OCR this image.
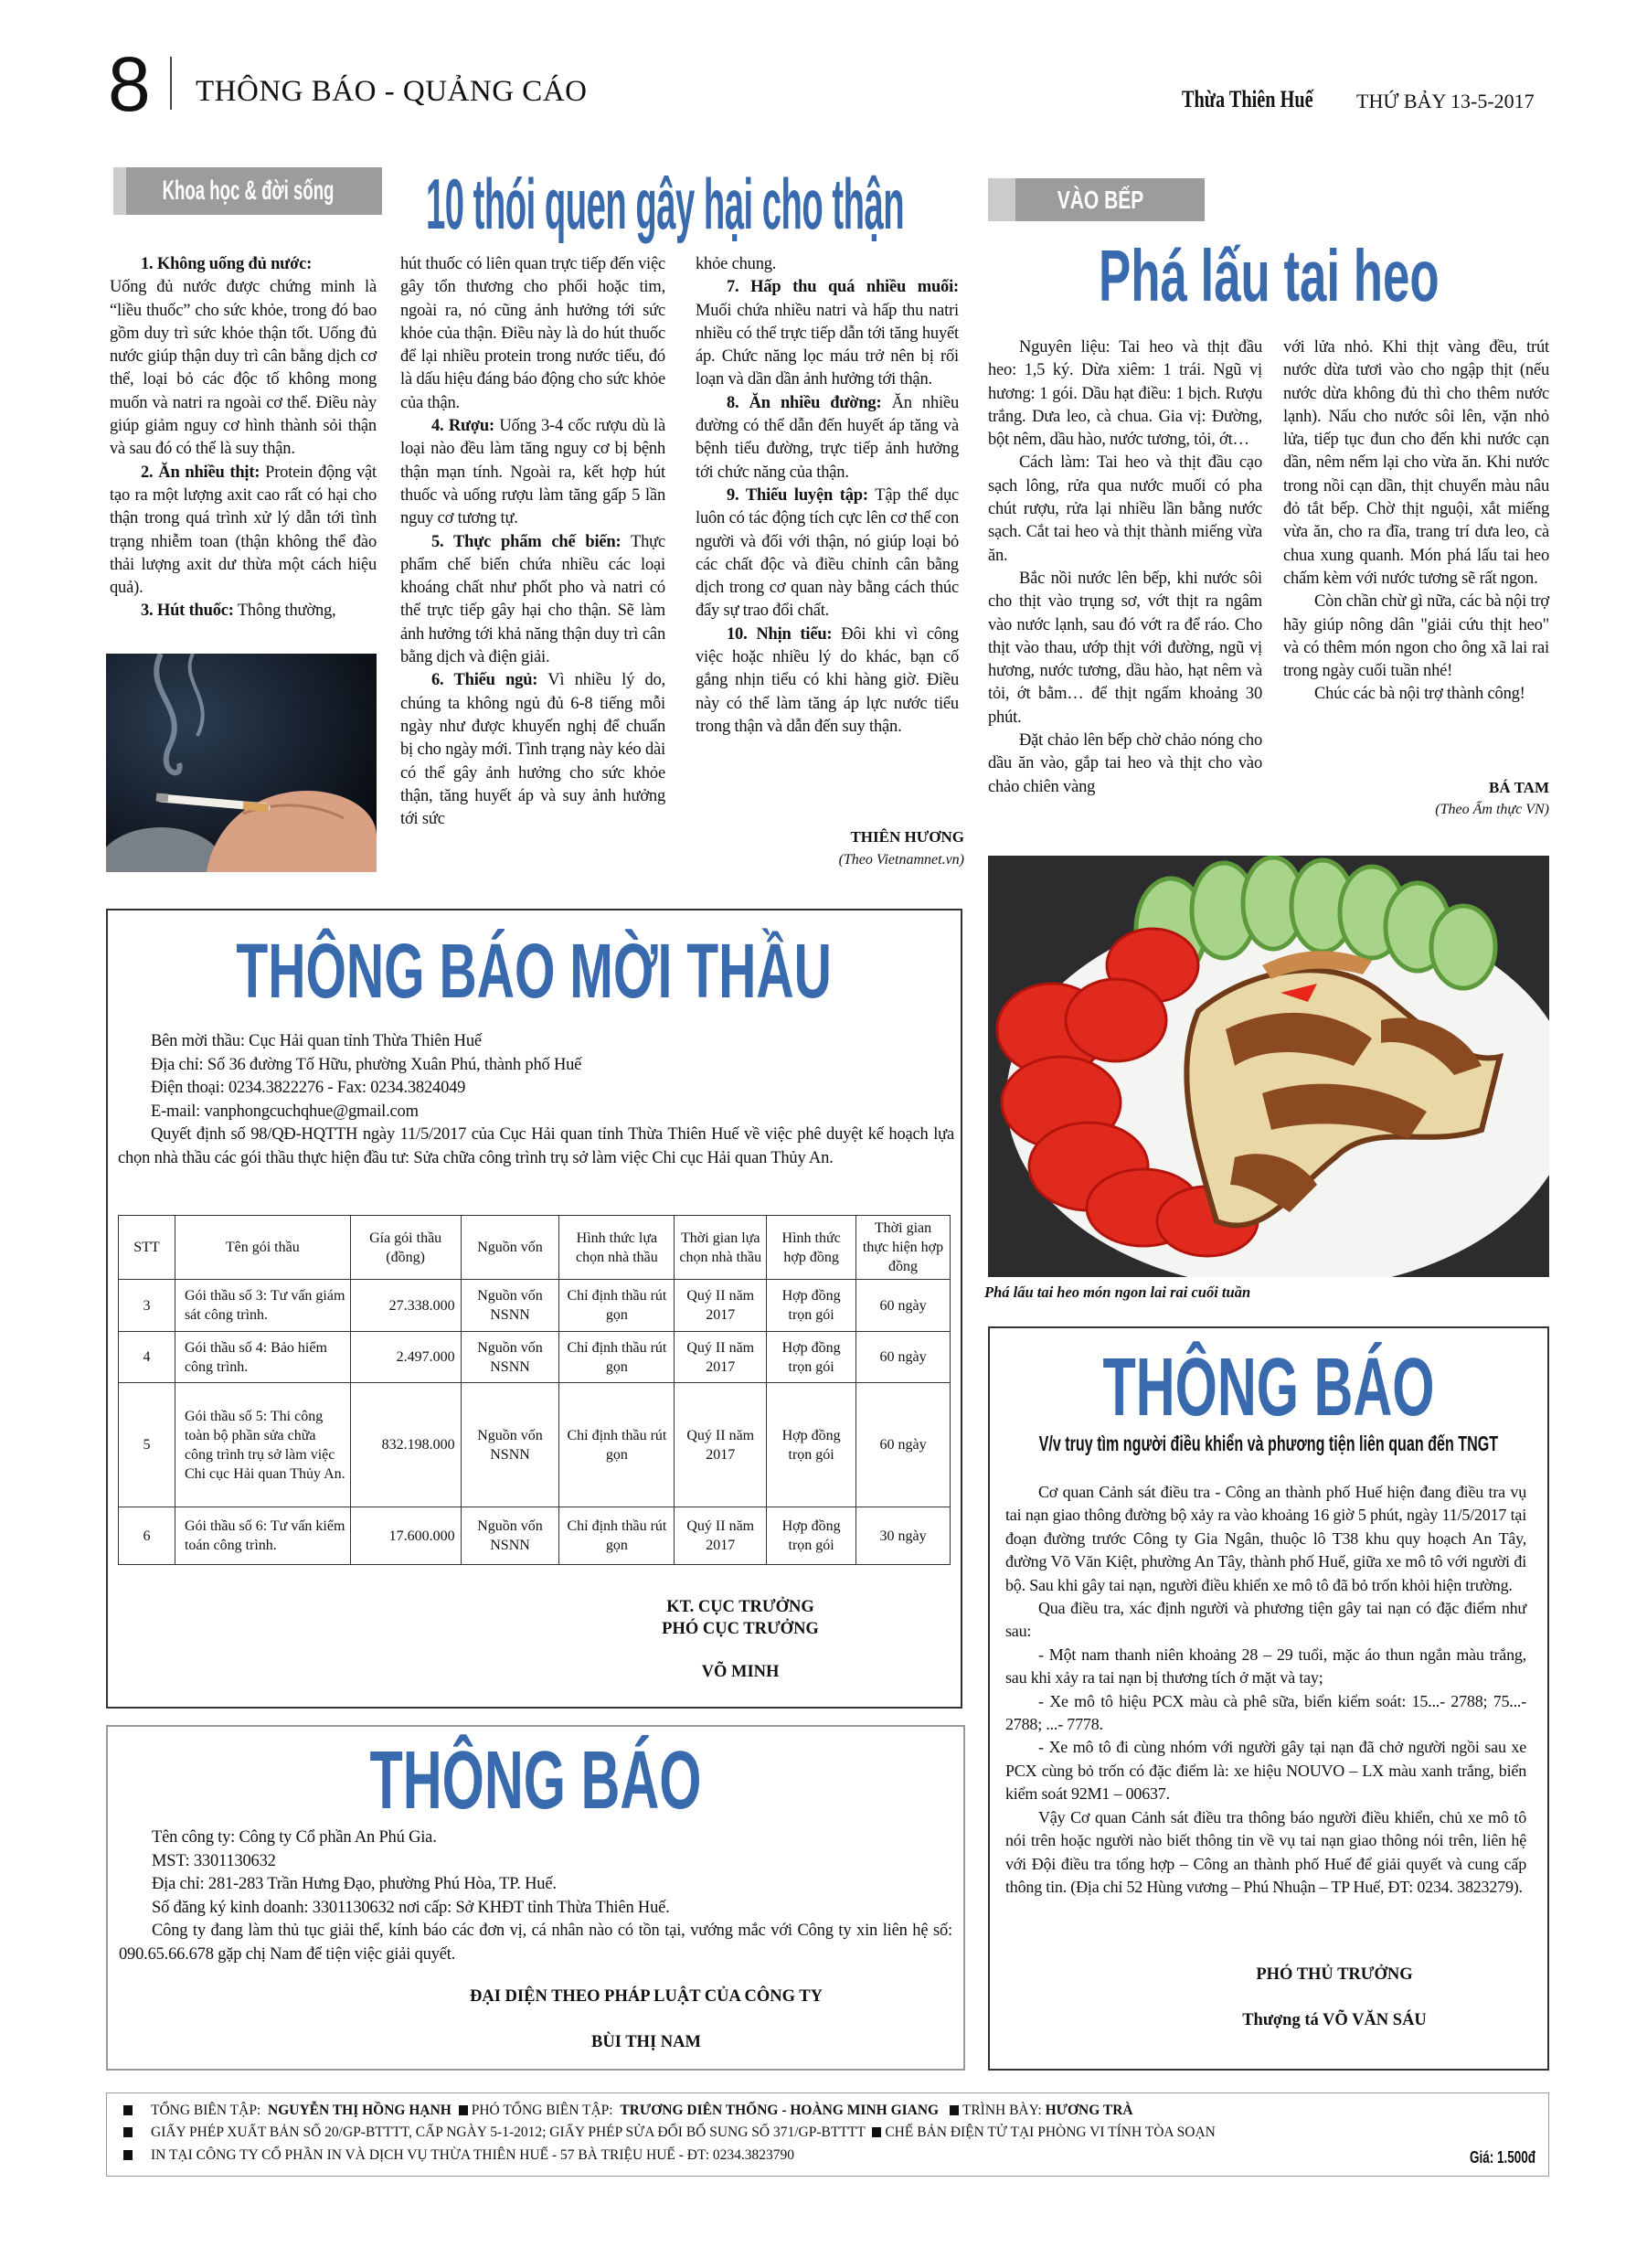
8 THÔNG BÁO - QUẢNG CÁO	Thừa Thiên Huế	THỨ BẢY 13-5-2017
Khoa học & đời sống 10 thói quen gây hại cho thận

1. Không uống đủ nước:

Uống đủ nước được chứng minh là “liều thuốc” cho sức khỏe, trong đó bao gồm duy trì sức khỏe thận tốt. Uống đủ nước giúp thận duy trì cân bằng dịch cơ thể, loại bỏ các độc tố không mong muốn và natri ra ngoài cơ thể. Điều này giúp giảm nguy cơ hình thành sỏi thận và sau đó có thể là suy thận.

2. Ăn nhiều thịt: Protein động vật tạo ra một lượng axit cao rất có hại cho thận trong quá trình xử lý dẫn tới tình trạng nhiễm toan (thận không thể đào thải lượng axit dư thừa một cách hiệu quả).

3. Hút thuốc: Thông thường,

hút thuốc có liên quan trực tiếp đến việc gây tổn thương cho phổi hoặc tim, ngoài ra, nó cũng ảnh hưởng tới sức khỏe của thận. Điều này là do hút thuốc để lại nhiều protein trong nước tiểu, đó là dấu hiệu đáng báo động cho sức khỏe của thận.

4. Rượu: Uống 3-4 cốc rượu dù là loại nào đều làm tăng nguy cơ bị bệnh thận mạn tính. Ngoài ra, kết hợp hút thuốc và uống rượu làm tăng gấp 5 lần nguy cơ tương tự.

5. Thực phẩm chế biến: Thực phẩm chế biến chứa nhiều các loại khoáng chất như phốt pho và natri có thể trực tiếp gây hại cho thận. Sẽ làm ảnh hưởng tới khả năng thận duy trì cân bằng dịch và điện giải.

6. Thiếu ngủ: Vì nhiều lý do, chúng ta không ngủ đủ 6-8 tiếng mỗi ngày như được khuyến nghị để chuẩn bị cho ngày mới. Tình trạng này kéo dài có thể gây ảnh hưởng cho sức khỏe thận, tăng huyết áp và suy ảnh hưởng tới sức

khỏe chung.

7. Hấp thu quá nhiều muối: Muối chứa nhiều natri và hấp thu natri nhiều có thể trực tiếp dẫn tới tăng huyết áp. Chức năng lọc máu trở nên bị rối loạn và dần dần ảnh hưởng tới thận.

8. Ăn nhiều đường: Ăn nhiều đường có thể dẫn đến huyết áp tăng và bệnh tiểu đường, trực tiếp ảnh hưởng tới chức năng của thận.

9. Thiếu luyện tập: Tập thể dục luôn có tác động tích cực lên cơ thể con người và đối với thận, nó giúp loại bỏ các chất độc và điều chỉnh cân bằng dịch trong cơ quan này bằng cách thúc đẩy sự trao đổi chất.

10. Nhịn tiểu: Đôi khi vì công việc hoặc nhiều lý do khác, bạn cố gắng nhịn tiểu có khi hàng giờ. Điều này có thể làm tăng áp lực nước tiểu trong thận và dẫn đến suy thận.

THIÊN HƯƠNG
(Theo Vietnamnet.vn)
VÀO BẾP
Phá lấu tai heo

Nguyên liệu: Tai heo và thịt đầu heo: 1,5 ký. Dừa xiêm: 1 trái. Ngũ vị hương: 1 gói. Dầu hạt điều: 1 bịch. Rượu trắng. Dưa leo, cà chua. Gia vị: Đường, bột nêm, dầu hào, nước tương, tỏi, ớt…

Cách làm: Tai heo và thịt đầu cạo sạch lông, rửa qua nước muối có pha chút rượu, rửa lại nhiều lần bằng nước sạch. Cắt tai heo và thịt thành miếng vừa ăn.

Bắc nồi nước lên bếp, khi nước sôi cho thịt vào trụng sơ, vớt thịt ra ngâm vào nước lạnh, sau đó vớt ra để ráo. Cho thịt vào thau, ướp thịt với đường, ngũ vị hương, nước tương, dầu hào, hạt nêm và tỏi, ớt bằm… để thịt ngấm khoảng 30 phút.

Đặt chảo lên bếp chờ chảo nóng cho dầu ăn vào, gắp tai heo và thịt cho vào chảo chiên vàng

với lửa nhỏ. Khi thịt vàng đều, trút nước dừa tươi vào cho ngập thịt (nếu nước dừa không đủ thì cho thêm nước lạnh). Nấu cho nước sôi lên, vặn nhỏ lửa, tiếp tục đun cho đến khi nước cạn dần, nêm nếm lại cho vừa ăn. Khi nước trong nồi cạn dần, thịt chuyển màu nâu đỏ tắt bếp. Chờ thịt nguội, xắt miếng vừa ăn, cho ra đĩa, trang trí dưa leo, cà chua xung quanh. Món phá lấu tai heo chấm kèm với nước tương sẽ rất ngon.

Còn chần chừ gì nữa, các bà nội trợ hãy giúp nông dân "giải cứu thịt heo" và có thêm món ngon cho ông xã lai rai trong ngày cuối tuần nhé!

Chúc các bà nội trợ thành công!

BÁ TAM
(Theo Ẩm thực VN)
Phá lấu tai heo món ngon lai rai cuối tuần
THÔNG BÁO MỜI THẦU

Bên mời thầu: Cục Hải quan tỉnh Thừa Thiên Huế

Địa chỉ: Số 36 đường Tố Hữu, phường Xuân Phú, thành phố Huế

Điện thoại: 0234.3822276 - Fax: 0234.3824049

E-mail: vanphongcuchqhue@gmail.com

Quyết định số 98/QĐ-HQTTH ngày 11/5/2017 của Cục Hải quan tỉnh Thừa Thiên Huế về việc phê duyệt kế hoạch lựa chọn nhà thầu các gói thầu thực hiện đầu tư: Sửa chữa công trình trụ sở làm việc Chi cục Hải quan Thủy An.

STT	Tên gói thầu	Gía gói thầu (đồng)	Nguồn vốn	Hình thức lựa chọn nhà thầu	Thời gian lựa chọn nhà thầu	Hình thức hợp đồng	Thời gian thực hiện hợp đồng
3	Gói thầu số 3: Tư vấn giám sát công trình.	27.338.000	Nguồn vốn NSNN	Chỉ định thầu rút gọn	Quý II năm 2017	Hợp đồng trọn gói	60 ngày
4	Gói thầu số 4: Bảo hiểm công trình.	2.497.000	Nguồn vốn NSNN	Chỉ định thầu rút gọn	Quý II năm 2017	Hợp đồng trọn gói	60 ngày
5	Gói thầu số 5: Thi công toàn bộ phần sửa chữa công trình trụ sở làm việc Chi cục Hải quan Thủy An.	832.198.000	Nguồn vốn NSNN	Chỉ định thầu rút gọn	Quý II năm 2017	Hợp đồng trọn gói	60 ngày
6	Gói thầu số 6: Tư vấn kiểm toán công trình.	17.600.000	Nguồn vốn NSNN	Chỉ định thầu rút gọn	Quý II năm 2017	Hợp đồng trọn gói	30 ngày
KT. CỤC TRƯỞNG
PHÓ CỤC TRƯỞNG
VÕ MINH
THÔNG BÁO

Tên công ty: Công ty Cổ phần An Phú Gia.

MST: 3301130632

Địa chỉ: 281-283 Trần Hưng Đạo, phường Phú Hòa, TP. Huế.

Số đăng ký kinh doanh: 3301130632 nơi cấp: Sở KHĐT tỉnh Thừa Thiên Huế.

Công ty đang làm thủ tục giải thể, kính báo các đơn vị, cá nhân nào có tồn tại, vướng mắc với Công ty xin liên hệ số: 090.65.66.678 gặp chị Nam để tiện việc giải quyết.

ĐẠI DIỆN THEO PHÁP LUẬT CỦA CÔNG TY
BÙI THỊ NAM
THÔNG BÁO
V/v truy tìm người điều khiển và phương tiện liên quan đến TNGT

Cơ quan Cảnh sát điều tra - Công an thành phố Huế hiện đang điều tra vụ tai nạn giao thông đường bộ xảy ra vào khoảng 16 giờ 5 phút, ngày 11/5/2017 tại đoạn đường trước Công ty Gia Ngân, thuộc lô T38 khu quy hoạch An Tây, đường Võ Văn Kiệt, phường An Tây, thành phố Huế, giữa xe mô tô với người đi bộ. Sau khi gây tai nạn, người điều khiển xe mô tô đã bỏ trốn khỏi hiện trường.

Qua điều tra, xác định người và phương tiện gây tai nạn có đặc điểm như sau:

- Một nam thanh niên khoảng 28 – 29 tuổi, mặc áo thun ngắn màu trắng, sau khi xảy ra tai nạn bị thương tích ở mặt và tay;

- Xe mô tô hiệu PCX màu cà phê sữa, biển kiểm soát: 15...- 2788; 75...- 2788; ...- 7778.

- Xe mô tô đi cùng nhóm với người gây tại nạn đã chở người ngồi sau xe PCX cùng bỏ trốn có đặc điểm là: xe hiệu NOUVO – LX màu xanh trắng, biển kiểm soát 92M1 – 00637.

Vậy Cơ quan Cảnh sát điều tra thông báo người điều khiển, chủ xe mô tô nói trên hoặc người nào biết thông tin về vụ tai nạn giao thông nói trên, liên hệ với Đội điều tra tổng hợp – Công an thành phố Huế để giải quyết và cung cấp thông tin. (Địa chỉ 52 Hùng vương – Phú Nhuận – TP Huế, ĐT: 0234. 3823279).

PHÓ THỦ TRƯỞNG
Thượng tá VÕ VĂN SÁU
TỔNG BIÊN TẬP: NGUYỄN THỊ HỒNG HẠNH PHÓ TỔNG BIÊN TẬP: TRƯƠNG DIÊN THỐNG - HOÀNG MINH GIANG TRÌNH BÀY: HƯƠNG TRÀ
GIẤY PHÉP XUẤT BẢN SỐ 20/GP-BTTTT, CẤP NGÀY 5-1-2012; GIẤY PHÉP SỬA ĐỔI BỔ SUNG SỐ 371/GP-BTTTT CHẾ BẢN ĐIỆN TỬ TẠI PHÒNG VI TÍNH TÒA SOẠN
IN TẠI CÔNG TY CỔ PHẦN IN VÀ DỊCH VỤ THỪA THIÊN HUẾ - 57 BÀ TRIỆU HUẾ - ĐT: 0234.3823790	Giá: 1.500đ
